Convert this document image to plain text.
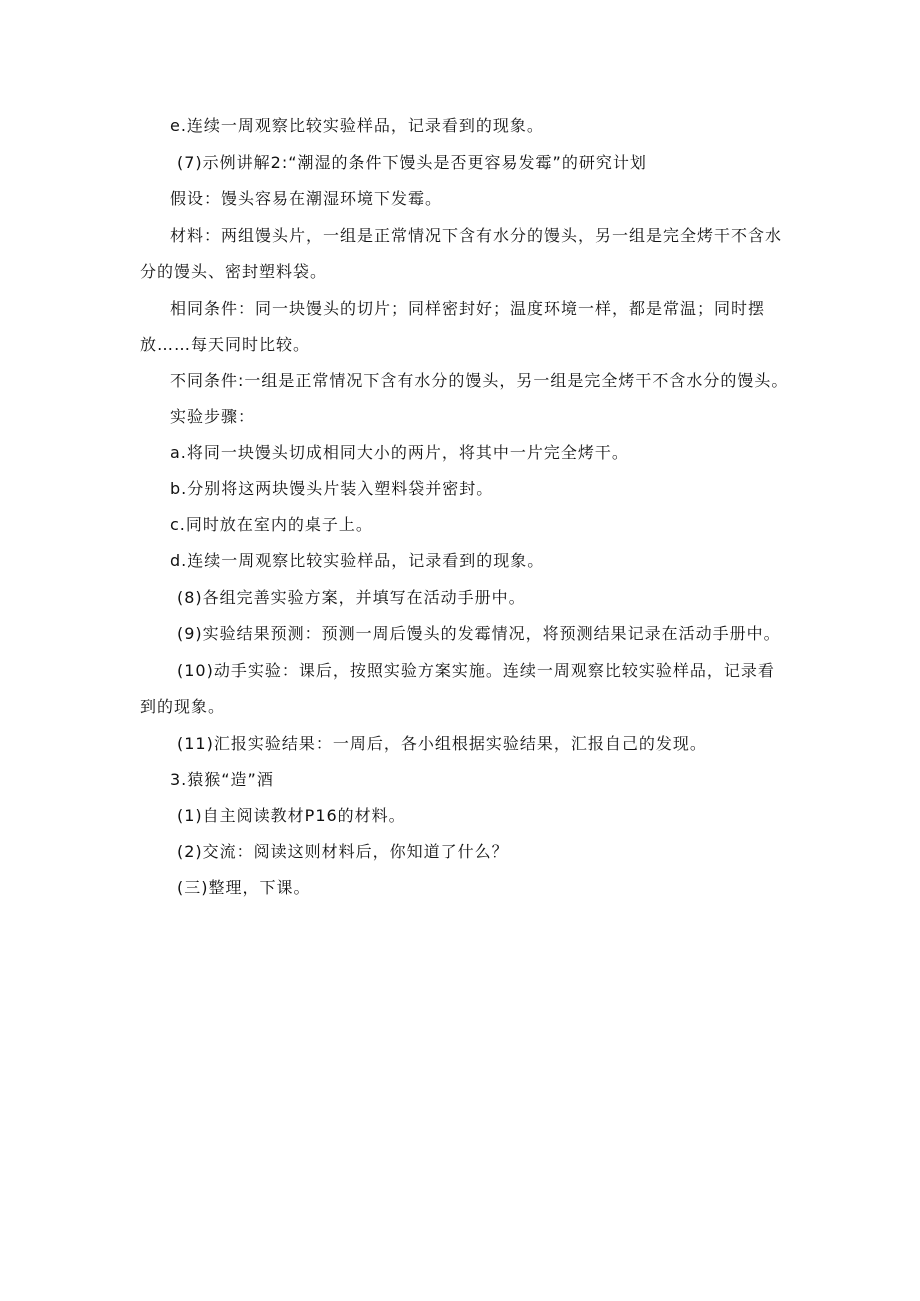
e.连续一周观察比较实验样品，记录看到的现象。
(7)示例讲解2:“潮湿的条件下馒头是否更容易发霉”的研究计划
假设：馒头容易在潮湿环境下发霉。
材料：两组馒头片，一组是正常情况下含有水分的馒头，另一组是完全烤干不含水
分的馒头、密封塑料袋。
相同条件：同一块馒头的切片；同样密封好；温度环境一样，都是常温；同时摆
放……每天同时比较。
不同条件:一组是正常情况下含有水分的馒头，另一组是完全烤干不含水分的馒头。
实验步骤：
a.将同一块馒头切成相同大小的两片，将其中一片完全烤干。
b.分别将这两块馒头片装入塑料袋并密封。
c.同时放在室内的桌子上。
d.连续一周观察比较实验样品，记录看到的现象。
(8)各组完善实验方案，并填写在活动手册中。
(9)实验结果预测：预测一周后馒头的发霉情况，将预测结果记录在活动手册中。
(10)动手实验：课后，按照实验方案实施。连续一周观察比较实验样品，记录看
到的现象。
(11)汇报实验结果：一周后，各小组根据实验结果，汇报自己的发现。
3.猿猴“造”酒
(1)自主阅读教材P16的材料。
(2)交流：阅读这则材料后，你知道了什么？
(三)整理，下课。
